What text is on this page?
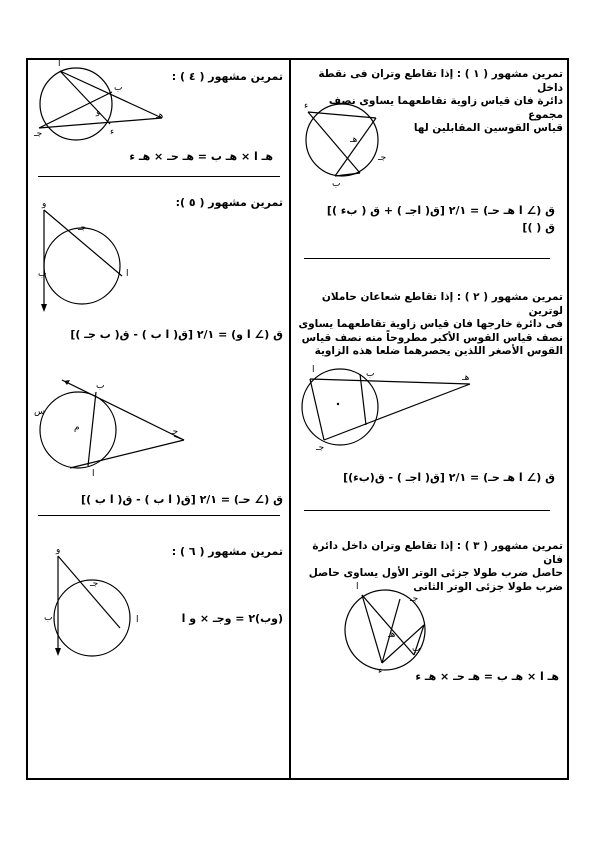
تمرين مشهور ( ١ ) : إذا تقاطع وتران فى نقطة داخل
دائرة فان قياس زاوية تقاطعهما يساوى نصف مجموع
قياس القوسين المقابلين لها
ء
هـ
جـ
ب
ق (∠ ا هـ حـ) = ٢/١ [ق( اجـ ) + ق ( بء )]
ق ( )]
تمرين مشهور ( ٢ ) : إذا تقاطع شعاعان حاملان لوترين
فى دائرة خارجها فان قياس زاوية تقاطعهما يساوى
نصف قياس القوس الأكبر مطروحاً منه نصف قياس
القوس الأصغر اللذين يحصرهما ضلعا هذه الزاوية
ا	ب	هـ
جـ
ق (∠ ا هـ حـ) = ٢/١ [ق( اجـ ) - ق(بء)]
تمرين مشهور ( ٣ ) : إذا تقاطع وتران داخل دائرة فان
حاصل ضرب طولا جزئى الوتر الأول يساوى حاصل
ضرب طولا جزئى الوتر الثانى
ا
جـ
هـ
ب
ء	هـ ا × هـ ب = هـ حـ × هـ ء
تمرين مشهور ( ٤ ) :
ا
ب
هـ
جـ	ء
و
هـ ا × هـ ب = هـ حـ × هـ ء
تمرين مشهور ( ٥ ):
و
جـ
ب	ا
ق (∠ ا و) = ٢/١ [ق( ا ب ) - ق( ب جـ )]
ب
س
م	حـ
ا
ق (∠ حـ) = ٢/١ [ق( ا ب ) - ق( ا ب )]
تمرين مشهور ( ٦ ) :
و
ب
جـ
ا	(وب)٢ = وجـ × و ا
